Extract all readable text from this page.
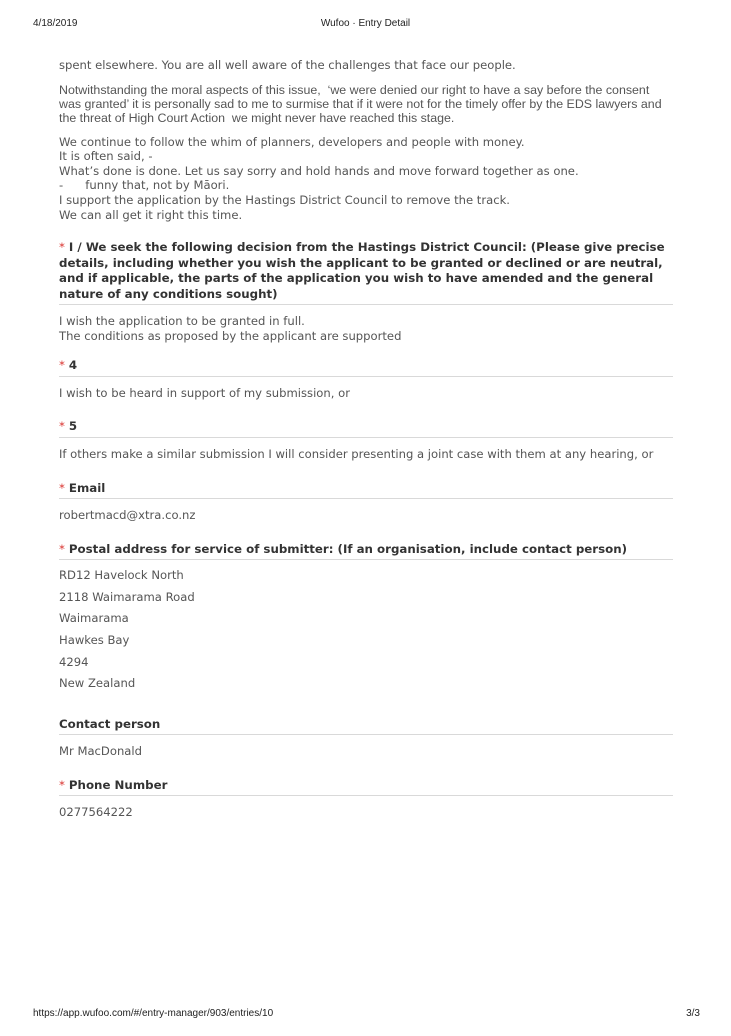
4/18/2019	Wufoo · Entry Detail

spent elsewhere. You are all well aware of the challenges that face our people.

Notwithstanding the moral aspects of this issue,  ‘we were denied our right to have a say before the consent was granted’ it is personally sad to me to surmise that if it were not for the timely offer by the EDS lawyers and the threat of High Court Action  we might never have reached this stage.

We continue to follow the whim of planners, developers and people with money.
It is often said, -
What’s done is done. Let us say sorry and hold hands and move forward together as one.
-      funny that, not by Māori.
I support the application by the Hastings District Council to remove the track.
We can all get it right this time.
* I / We seek the following decision from the Hastings District Council: (Please give precise details, including whether you wish the applicant to be granted or declined or are neutral, and if applicable, the parts of the application you wish to have amended and the general nature of any conditions sought)
I wish the application to be granted in full.
The conditions as proposed by the applicant are supported
* 4
I wish to be heard in support of my submission, or
* 5
If others make a similar submission I will consider presenting a joint case with them at any hearing, or
* Email
robertmacd@xtra.co.nz
* Postal address for service of submitter: (If an organisation, include contact person)
RD12 Havelock North
2118 Waimarama Road
Waimarama
Hawkes Bay
4294
New Zealand
Contact person
Mr MacDonald
* Phone Number
0277564222
https://app.wufoo.com/#/entry-manager/903/entries/10	3/3
